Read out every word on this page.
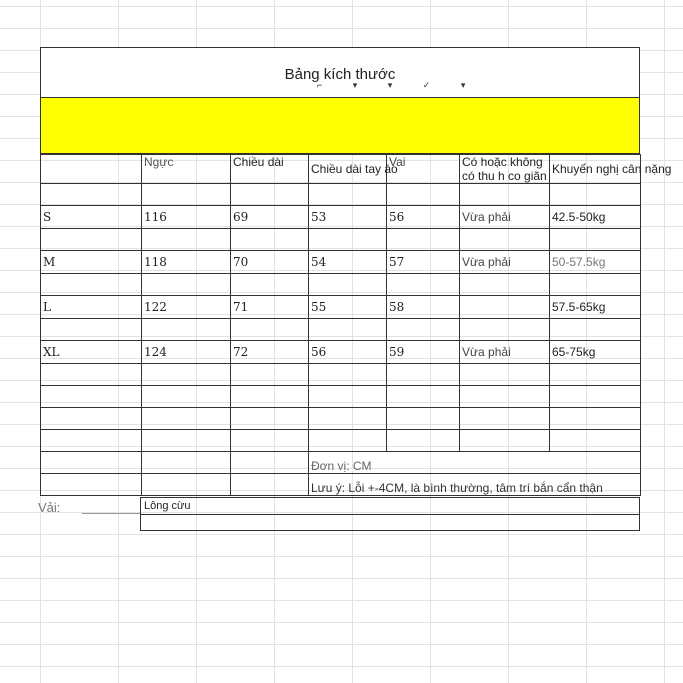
Bảng kích thước
⌐ ▾ ▾ ✓ ▾
	Ngực	Chiều dài	Chiều dài tay áo	Vai	Có hoặc không có thu h co giãn	Khuyến nghị cân nặng

S	116	69	53	56	Vừa phải	42.5-50kg

M	118	70	54	57	Vừa phải	50-57.5kg

L	122	71	55	58		57.5-65kg

XL	124	72	56	59	Vừa phải	65-75kg

			Đơn vị: CM			
			Lưu ý: Lỗi +-4CM, là bình thường, tâm trí bắn cẩn thận			
Vải:	Lông cừu
